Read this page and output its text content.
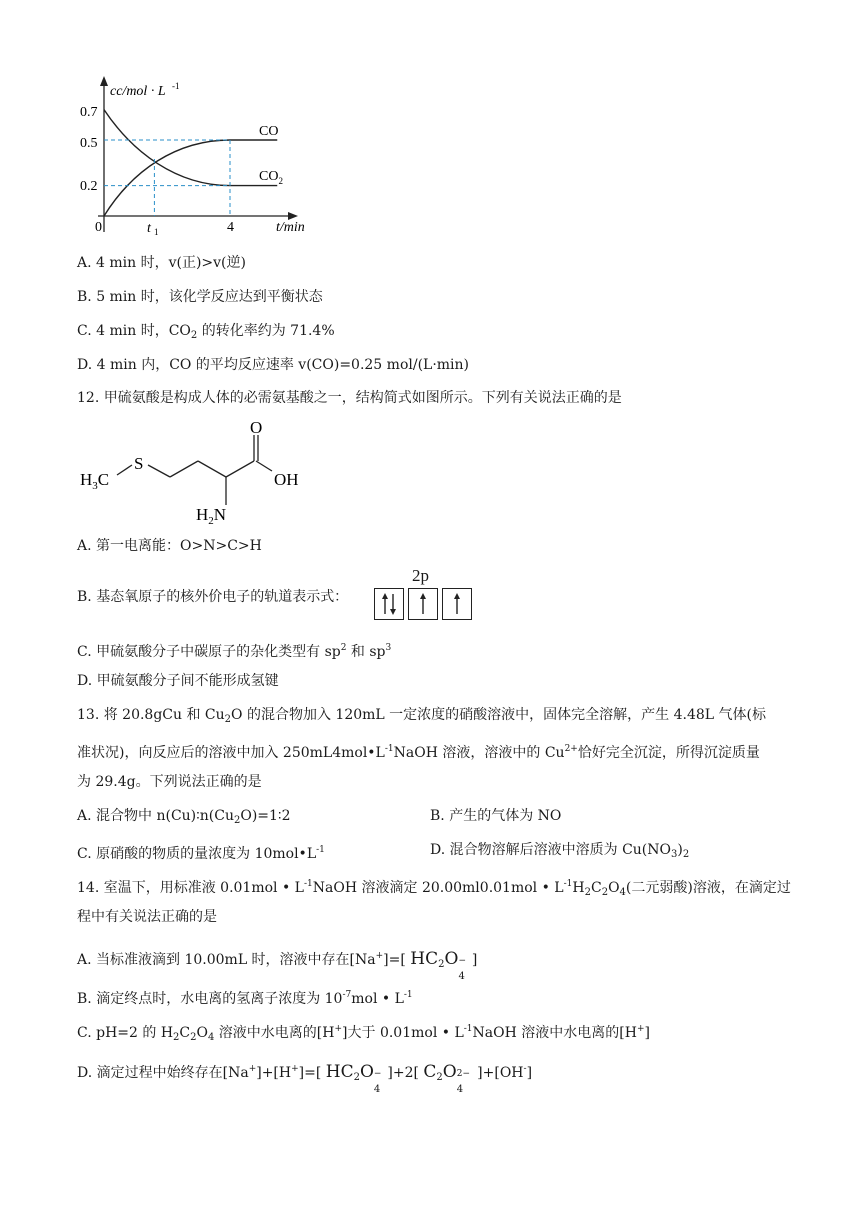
cc/mol · L -1
0.7
0.5
0.2
0	t 1	4	t/min
CO
$CO_2$
A. 4 min 时，v(正)>v(逆)
B. 5 min 时，该化学反应达到平衡状态
C. 4 min 时，$CO_2$ 的转化率约为 71.4%
D. 4 min 内，CO 的平均反应速率 v(CO)=0.25 mol/(L·min)
12. 甲硫氨酸是构成人体的必需氨基酸之一，结构简式如图所示。下列有关说法正确的是
O
S
OH
$H_3C$
$H_2N$
A. 第一电离能：O>N>C>H
B. 基态氧原子的核外价电子的轨道表示式：
2p
C. 甲硫氨酸分子中碳原子的杂化类型有 $sp^2$ 和 $sp^3$
D. 甲硫氨酸分子间不能形成氢键
13. 将 20.8gCu 和 $Cu_2O$ 的混合物加入 120mL 一定浓度的硝酸溶液中，固体完全溶解，产生 4.48L 气体(标
准状况)，向反应后的溶液中加入 $250mL4mol•L^{-1}NaOH$ 溶液，溶液中的 $Cu^{2+}$恰好完全沉淀，所得沉淀质量
为 29.4g。下列说法正确的是
A. 混合物中 $n(Cu)∶n(Cu_2O)=1∶2$	B. 产生的气体为 NO
C. 原硝酸的物质的量浓度为 $10mol•L^{-1}$	D. 混合物溶解后溶液中溶质为 $Cu(NO_3)_2$
14. 室温下，用标准液 0.01mol • $L^{-1}NaOH$ 溶液滴定 20.00ml0.01mol • $L^{-1}H_2C_2O_4$(二元弱酸)溶液，在滴定过
程中有关说法正确的是
A. 当标准液滴到 10.00mL 时，溶液中存在[Na+]=[ $HC_2O$ −
4
]
B. 滴定终点时，水电离的氢离子浓度为 $10^{-7}mol$ • $L^{-1}$
C. pH=2 的 $H_2C_2O_4$ 溶液中水电离的[H+]大于 0.01mol • $L^{-1}NaOH$ 溶液中水电离的[H+]
D. 滴定过程中始终存在[Na+]+[H+]=[ $HC_2O$ −
4
]+2[ $C_2O$ 2−
4
]+[OH-]
